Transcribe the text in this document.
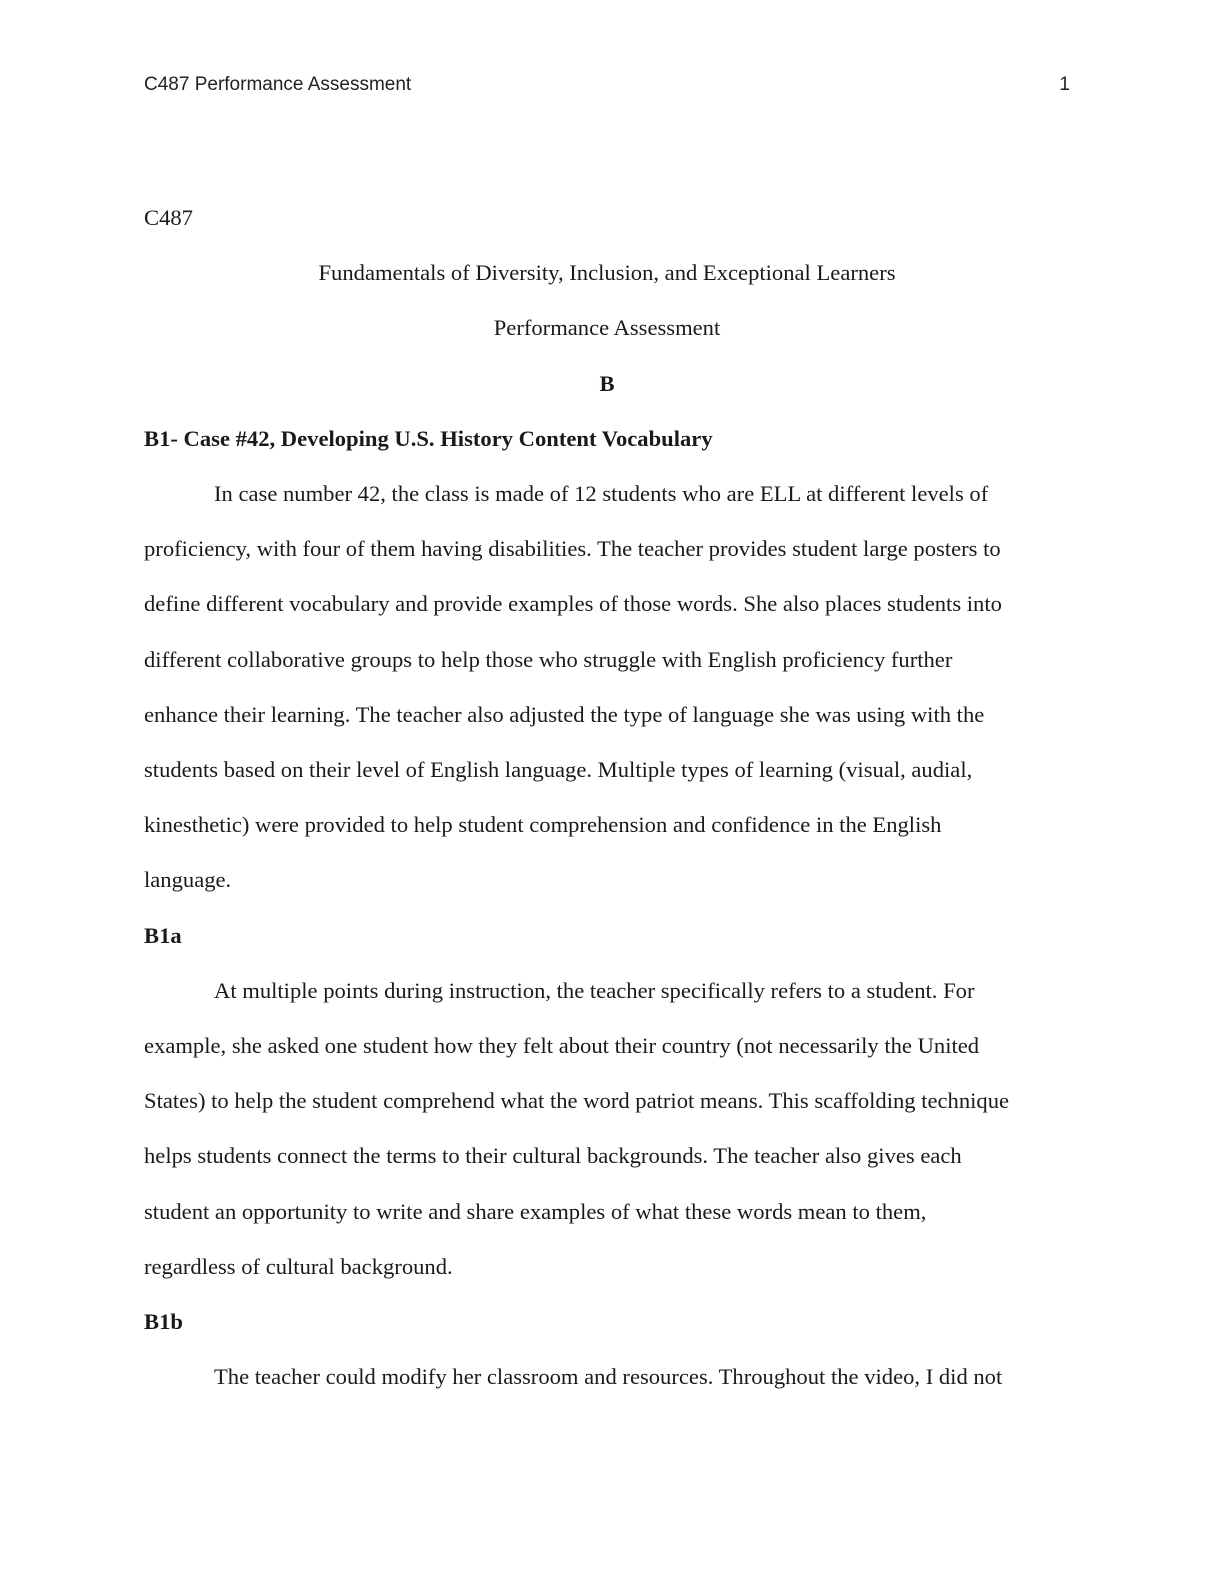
C487 Performance Assessment	1
C487
Fundamentals of Diversity, Inclusion, and Exceptional Learners
Performance Assessment
B
B1- Case #42, Developing U.S. History Content Vocabulary
In case number 42, the class is made of 12 students who are ELL at different levels of
proficiency, with four of them having disabilities. The teacher provides student large posters to
define different vocabulary and provide examples of those words. She also places students into
different collaborative groups to help those who struggle with English proficiency further
enhance their learning. The teacher also adjusted the type of language she was using with the
students based on their level of English language. Multiple types of learning (visual, audial,
kinesthetic) were provided to help student comprehension and confidence in the English
language.
B1a
At multiple points during instruction, the teacher specifically refers to a student. For
example, she asked one student how they felt about their country (not necessarily the United
States) to help the student comprehend what the word patriot means. This scaffolding technique
helps students connect the terms to their cultural backgrounds. The teacher also gives each
student an opportunity to write and share examples of what these words mean to them,
regardless of cultural background.
B1b
The teacher could modify her classroom and resources. Throughout the video, I did not
